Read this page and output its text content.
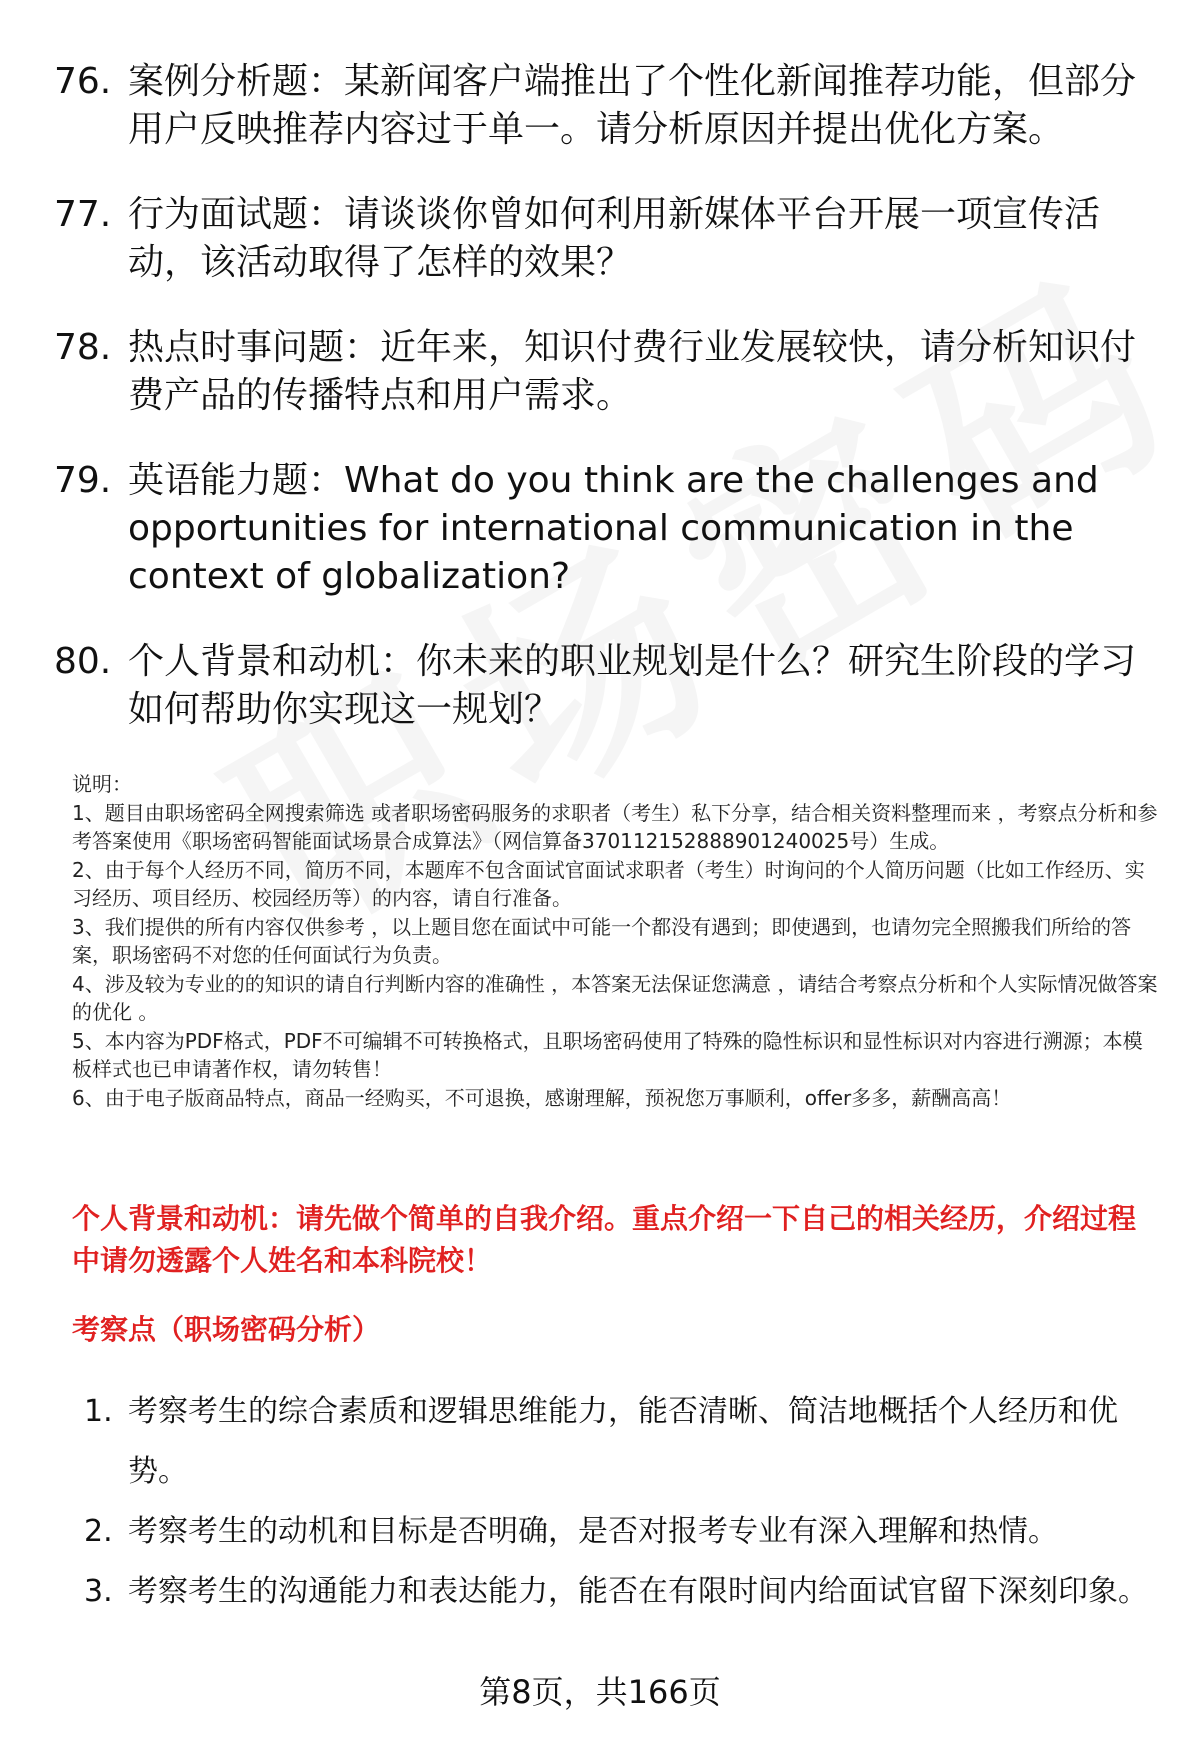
76. 案例分析题：某新闻客户端推出了个性化新闻推荐功能，但部分用户反映推荐内容过于单一。请分析原因并提出优化方案。
77. 行为面试题：请谈谈你曾如何利用新媒体平台开展一项宣传活动，该活动取得了怎样的效果？
78. 热点时事问题：近年来，知识付费行业发展较快，请分析知识付费产品的传播特点和用户需求。
79. 英语能力题：What do you think are the challenges and opportunities for international communication in the context of globalization?
80. 个人背景和动机：你未来的职业规划是什么？研究生阶段的学习如何帮助你实现这一规划？

说明：

1、题目由职场密码全网搜索筛选 或者职场密码服务的求职者（考生）私下分享，结合相关资料整理而来 ，考察点分析和参考答案使用《职场密码智能面试场景合成算法》（网信算备370112152888901240025号）生成。

2、由于每个人经历不同，简历不同，本题库不包含面试官面试求职者（考生）时询问的个人简历问题（比如工作经历、实习经历、项目经历、校园经历等）的内容，请自行准备。

3、我们提供的所有内容仅供参考 ，以上题目您在面试中可能一个都没有遇到；即使遇到，也请勿完全照搬我们所给的答案，职场密码不对您的任何面试行为负责。

4、涉及较为专业的的知识的请自行判断内容的准确性 ，本答案无法保证您满意 ，请结合考察点分析和个人实际情况做答案的优化 。

5、本内容为PDF格式，PDF不可编辑不可转换格式，且职场密码使用了特殊的隐性标识和显性标识对内容进行溯源；本模板样式也已申请著作权，请勿转售！

6、由于电子版商品特点，商品一经购买，不可退换，感谢理解，预祝您万事顺利，offer多多，薪酬高高！

个人背景和动机：请先做个简单的自我介绍。重点介绍一下自己的相关经历，介绍过程中请勿透露个人姓名和本科院校！
考察点（职场密码分析）
1. 考察考生的综合素质和逻辑思维能力，能否清晰、简洁地概括个人经历和优势。
2. 考察考生的动机和目标是否明确，是否对报考专业有深入理解和热情。
3. 考察考生的沟通能力和表达能力，能否在有限时间内给面试官留下深刻印象。
第8页，共166页
